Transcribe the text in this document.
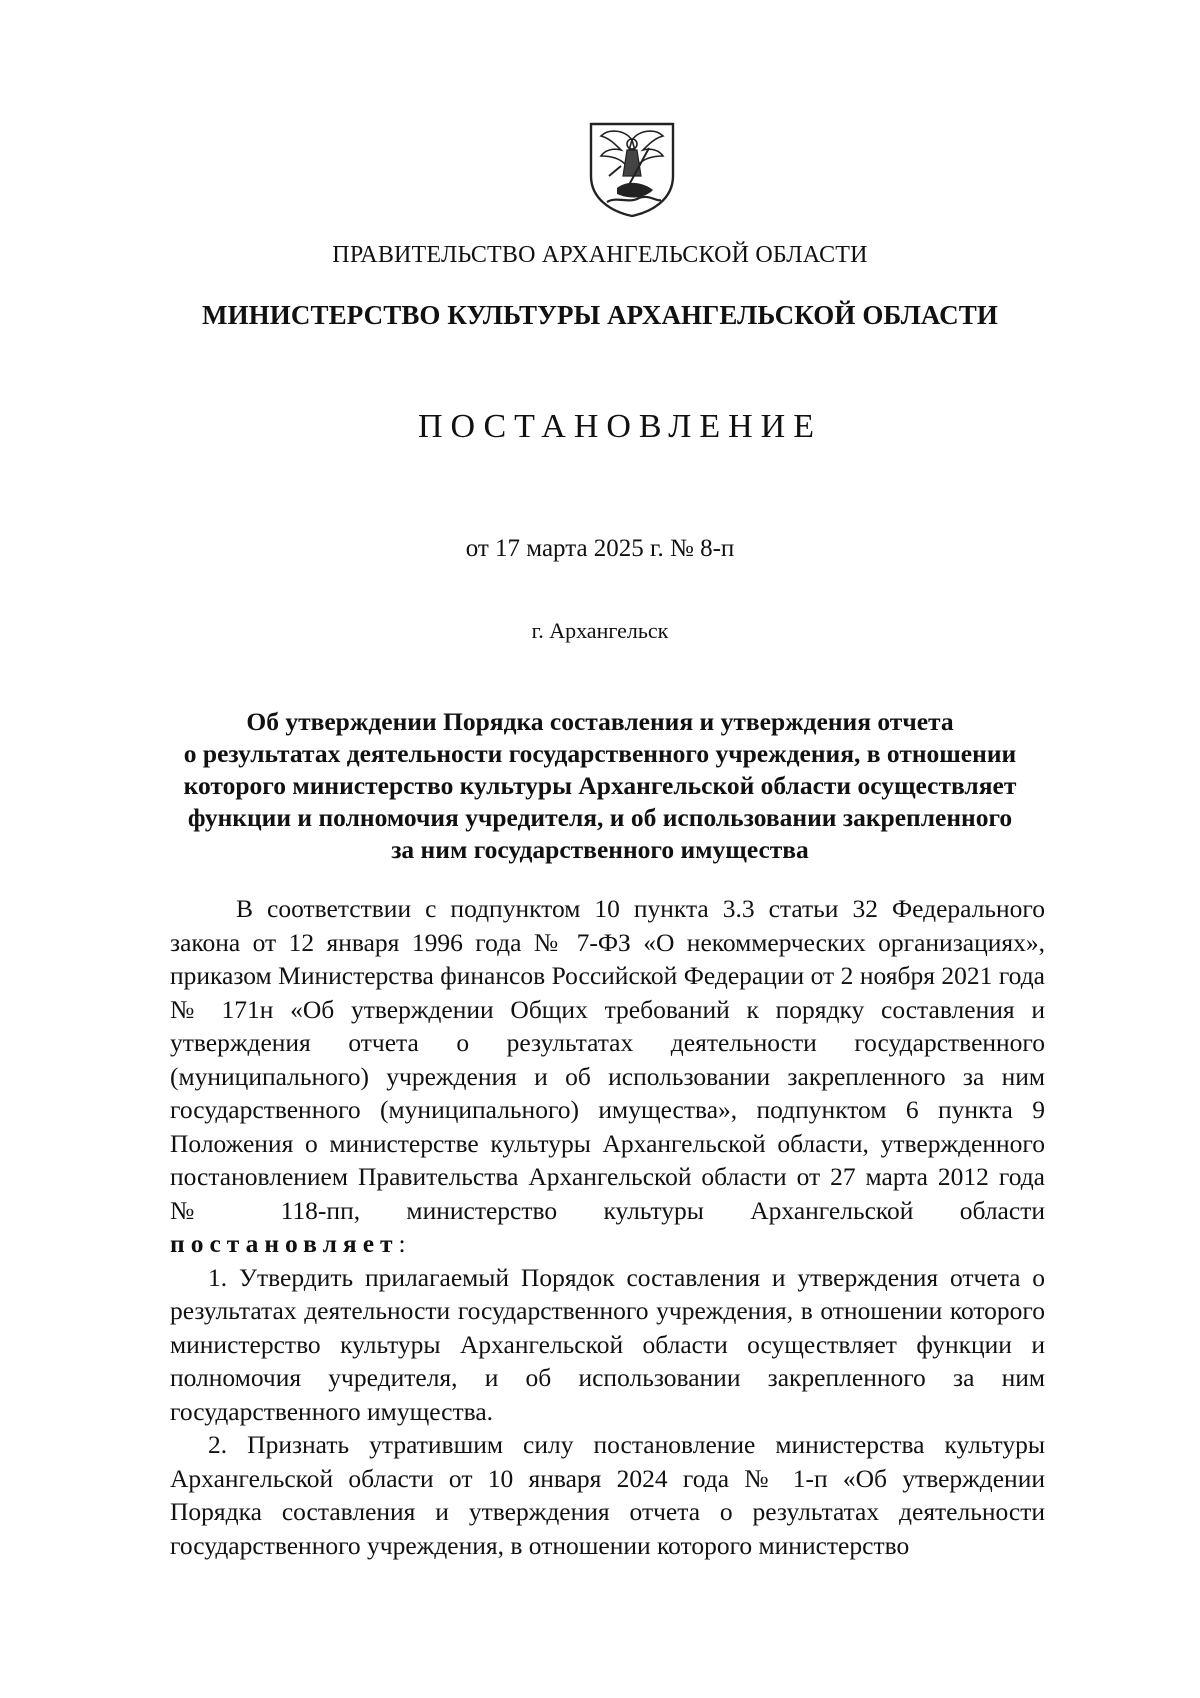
ПРАВИТЕЛЬСТВО АРХАНГЕЛЬСКОЙ ОБЛАСТИ
МИНИСТЕРСТВО КУЛЬТУРЫ АРХАНГЕЛЬСКОЙ ОБЛАСТИ
ПОСТАНОВЛЕНИЕ
от 17 марта 2025 г. № 8-п
г. Архангельск
Об утверждении Порядка составления и утверждения отчета
о результатах деятельности государственного учреждения, в отношении
которого министерство культуры Архангельской области осуществляет
функции и полномочия учредителя, и об использовании закрепленного
за ним государственного имущества

В соответствии с подпунктом 10 пункта 3.3 статьи 32 Федерального закона от 12 января 1996 года № 7-ФЗ «О некоммерческих организациях», приказом Министерства финансов Российской Федерации от 2 ноября 2021 года № 171н «Об утверждении Общих требований к порядку составления и утверждения отчета о результатах деятельности государственного (муниципального) учреждения и об использовании закрепленного за ним государственного (муниципального) имущества», подпунктом 6 пункта 9 Положения о министерстве культуры Архангельской области, утвержденного постановлением Правительства Архангельской области от 27 марта 2012 года № 118-пп, министерство культуры Архангельской области постановляет:

1. Утвердить прилагаемый Порядок составления и утверждения отчета о результатах деятельности государственного учреждения, в отношении которого министерство культуры Архангельской области осуществляет функции и полномочия учредителя, и об использовании закрепленного за ним государственного имущества.

2. Признать утратившим силу постановление министерства культуры Архангельской области от 10 января 2024 года № 1-п «Об утверждении Порядка составления и утверждения отчета о результатах деятельности государственного учреждения, в отношении которого министерство
